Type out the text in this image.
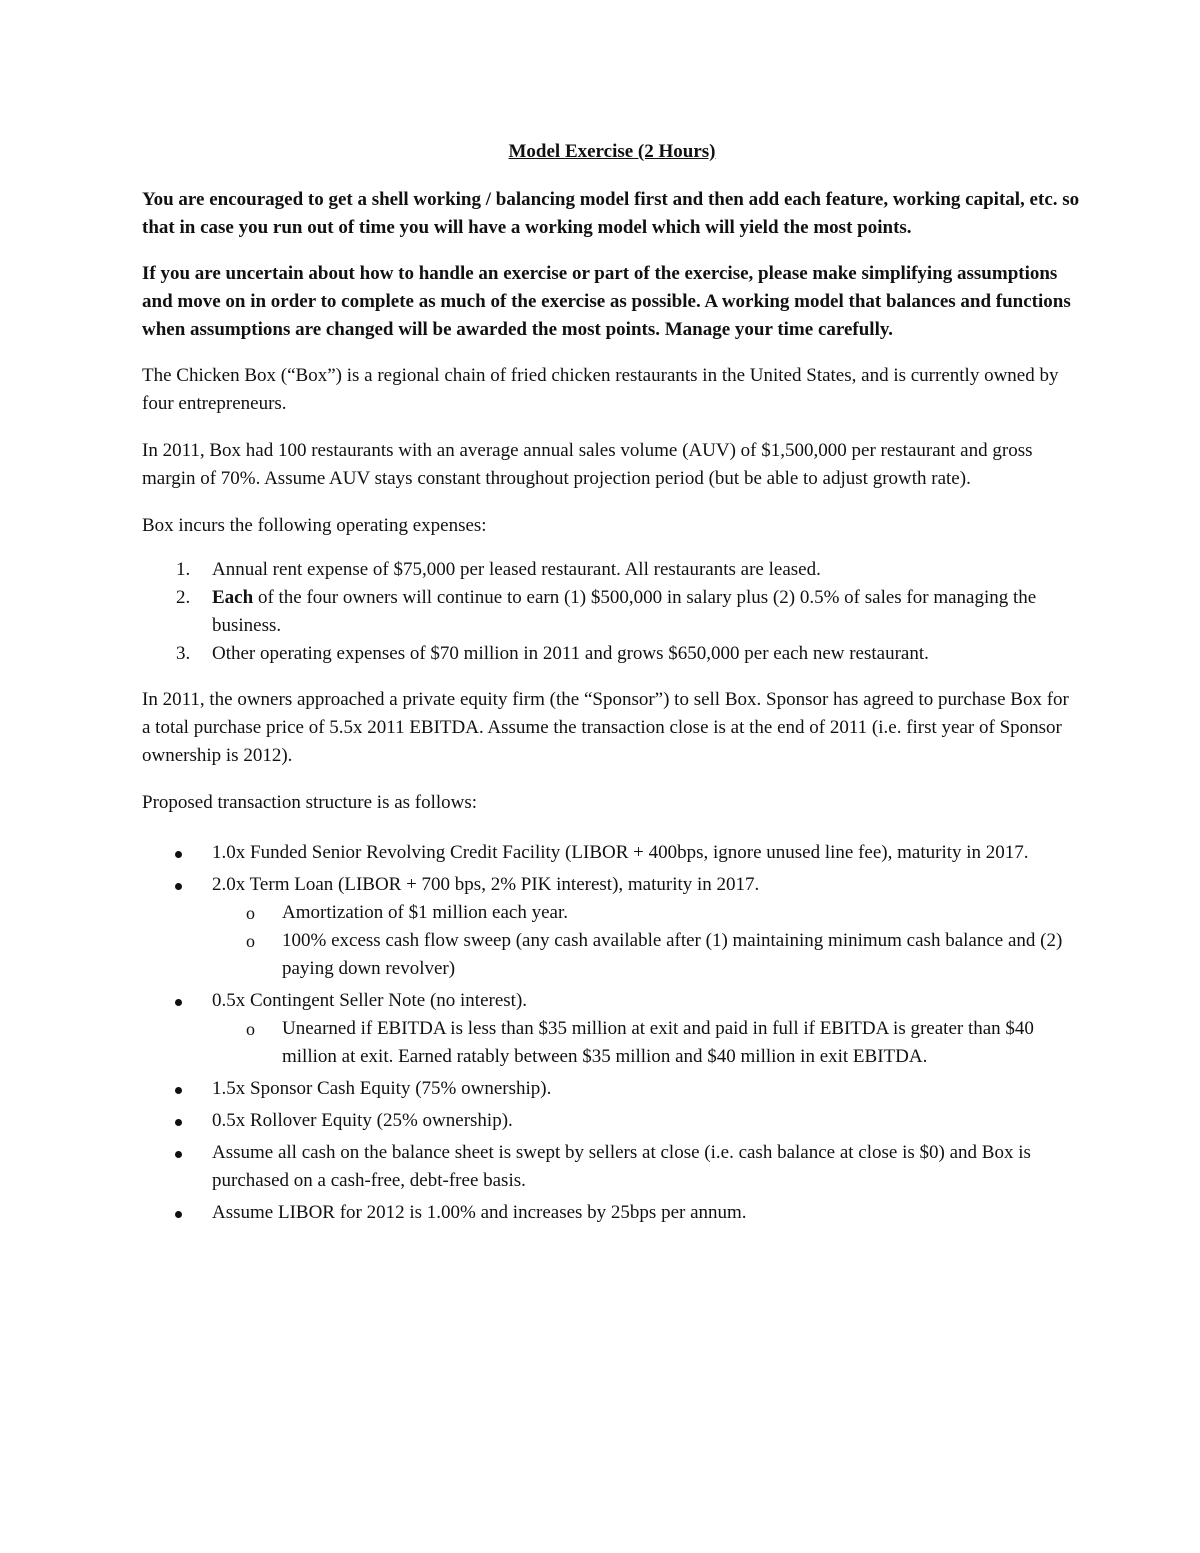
Model Exercise (2 Hours)

You are encouraged to get a shell working / balancing model first and then add each feature, working capital, etc. so that in case you run out of time you will have a working model which will yield the most points.

If you are uncertain about how to handle an exercise or part of the exercise, please make simplifying assumptions and move on in order to complete as much of the exercise as possible. A working model that balances and functions when assumptions are changed will be awarded the most points. Manage your time carefully.

The Chicken Box (“Box”) is a regional chain of fried chicken restaurants in the United States, and is currently owned by four entrepreneurs.

In 2011, Box had 100 restaurants with an average annual sales volume (AUV) of $1,500,000 per restaurant and gross margin of 70%. Assume AUV stays constant throughout projection period (but be able to adjust growth rate).

Box incurs the following operating expenses:

1. Annual rent expense of $75,000 per leased restaurant. All restaurants are leased.
2. Each of the four owners will continue to earn (1) $500,000 in salary plus (2) 0.5% of sales for managing the business.
3. Other operating expenses of $70 million in 2011 and grows $650,000 per each new restaurant.

In 2011, the owners approached a private equity firm (the “Sponsor”) to sell Box. Sponsor has agreed to purchase Box for a total purchase price of 5.5x 2011 EBITDA. Assume the transaction close is at the end of 2011 (i.e. first year of Sponsor ownership is 2012).

Proposed transaction structure is as follows:

1.0x Funded Senior Revolving Credit Facility (LIBOR + 400bps, ignore unused line fee), maturity in 2017.
2.0x Term Loan (LIBOR + 700 bps, 2% PIK interest), maturity in 2017.
o Amortization of $1 million each year.
o 100% excess cash flow sweep (any cash available after (1) maintaining minimum cash balance and (2) paying down revolver)
0.5x Contingent Seller Note (no interest).
o Unearned if EBITDA is less than $35 million at exit and paid in full if EBITDA is greater than $40 million at exit. Earned ratably between $35 million and $40 million in exit EBITDA.
1.5x Sponsor Cash Equity (75% ownership).
0.5x Rollover Equity (25% ownership).
Assume all cash on the balance sheet is swept by sellers at close (i.e. cash balance at close is $0) and Box is purchased on a cash-free, debt-free basis.
Assume LIBOR for 2012 is 1.00% and increases by 25bps per annum.
